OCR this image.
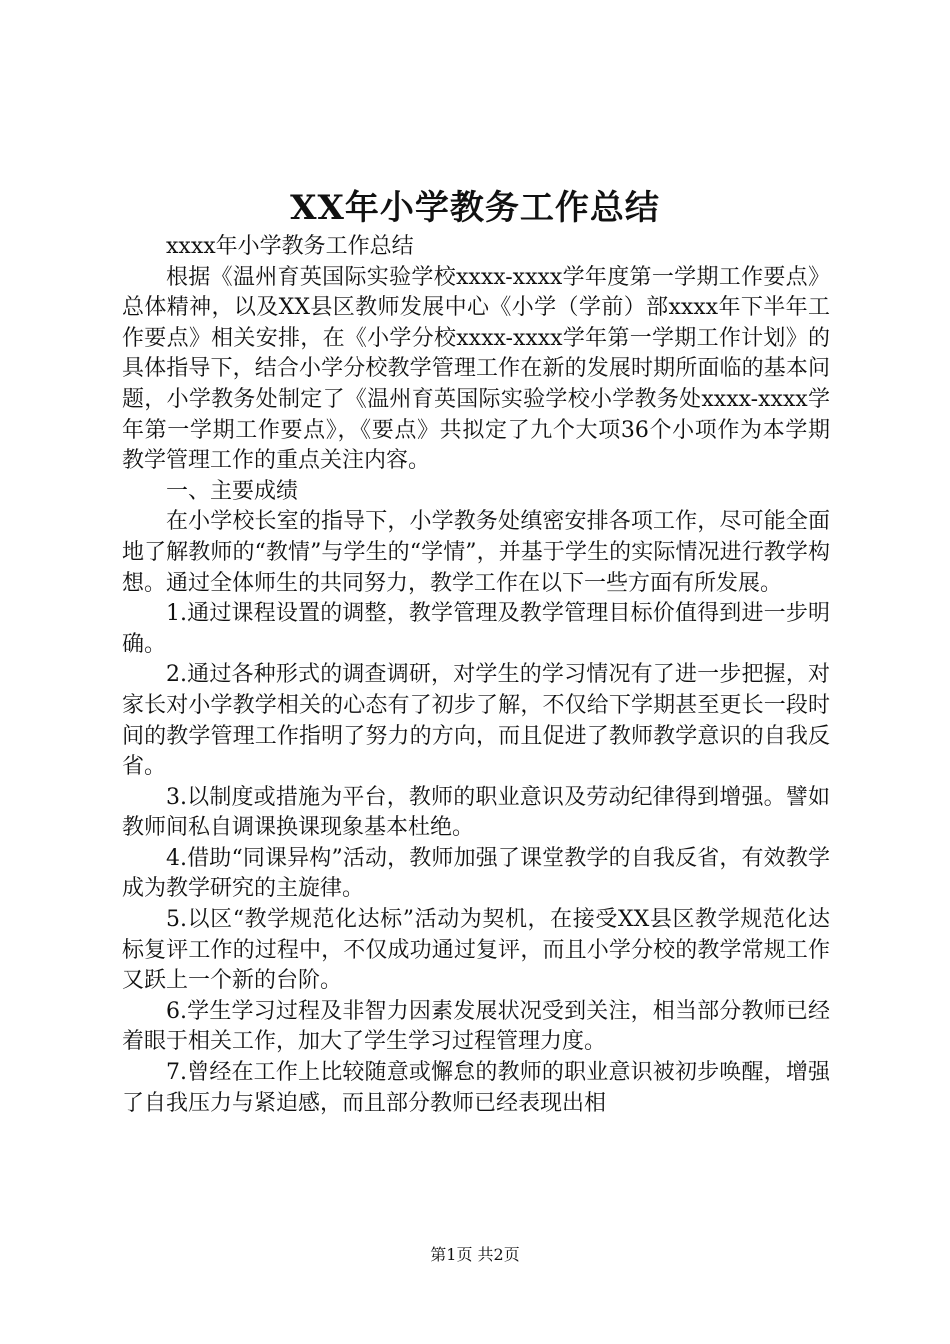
XX年小学教务工作总结

xxxx年小学教务工作总结

根据《温州育英国际实验学校xxxx-xxxx学年度第一学期工作要点》总体精神，以及XX县区教师发展中心《小学（学前）部xxxx年下半年工作要点》相关安排，在《小学分校xxxx-xxxx学年第一学期工作计划》的具体指导下，结合小学分校教学管理工作在新的发展时期所面临的基本问题，小学教务处制定了《温州育英国际实验学校小学教务处xxxx-xxxx学年第一学期工作要点》，《要点》共拟定了九个大项36个小项作为本学期教学管理工作的重点关注内容。

一、主要成绩

在小学校长室的指导下，小学教务处缜密安排各项工作，尽可能全面地了解教师的“教情”与学生的“学情”，并基于学生的实际情况进行教学构想。通过全体师生的共同努力，教学工作在以下一些方面有所发展。

1.通过课程设置的调整，教学管理及教学管理目标价值得到进一步明确。

2.通过各种形式的调查调研，对学生的学习情况有了进一步把握，对家长对小学教学相关的心态有了初步了解，不仅给下学期甚至更长一段时间的教学管理工作指明了努力的方向，而且促进了教师教学意识的自我反省。

3.以制度或措施为平台，教师的职业意识及劳动纪律得到增强。譬如教师间私自调课换课现象基本杜绝。

4.借助“同课异构”活动，教师加强了课堂教学的自我反省，有效教学成为教学研究的主旋律。

5.以区“教学规范化达标”活动为契机，在接受XX县区教学规范化达标复评工作的过程中，不仅成功通过复评，而且小学分校的教学常规工作又跃上一个新的台阶。

6.学生学习过程及非智力因素发展状况受到关注，相当部分教师已经着眼于相关工作，加大了学生学习过程管理力度。

7.曾经在工作上比较随意或懈怠的教师的职业意识被初步唤醒，增强了自我压力与紧迫感，而且部分教师已经表现出相

第1页 共2页
